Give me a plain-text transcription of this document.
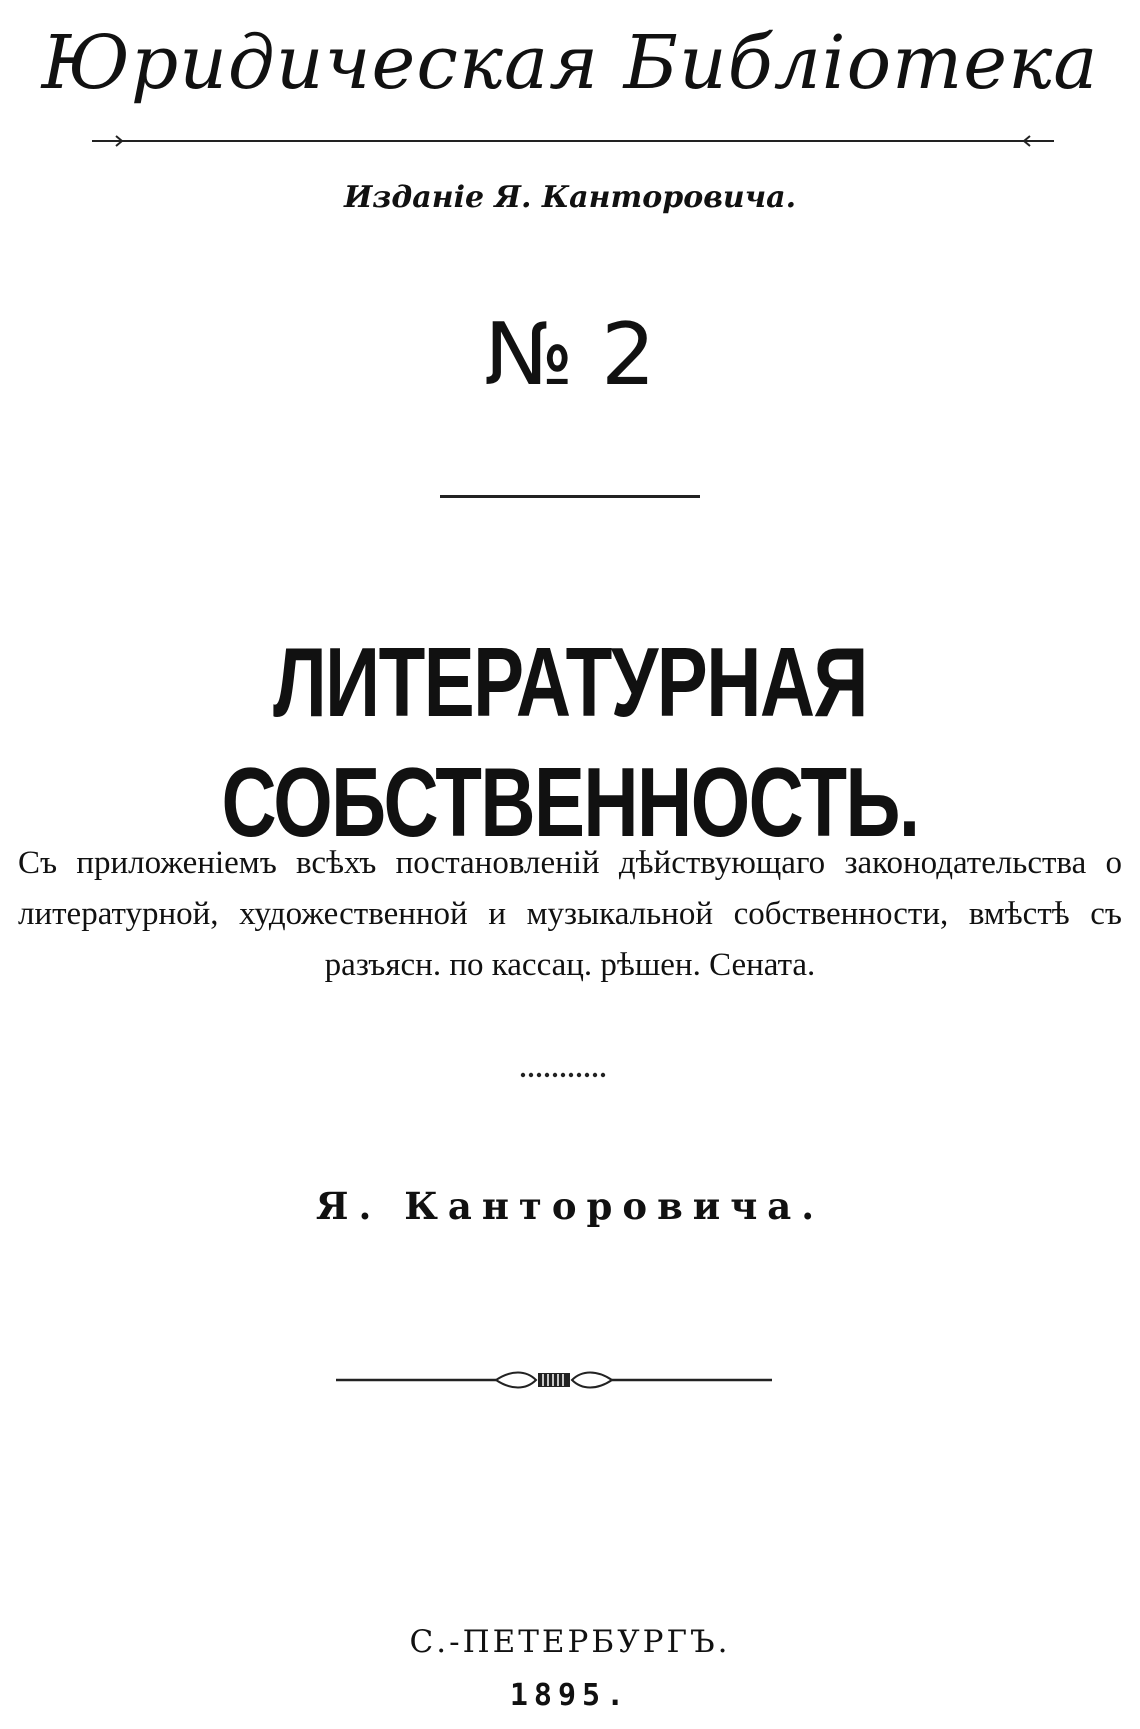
Юридическая Библіотека
Изданіе Я. Канторовича.
№ 2
ЛИТЕРАТУРНАЯ СОБСТВЕННОСТЬ.
Съ приложеніемъ всѣхъ постановленій дѣйствующаго законодательства о литературной, художественной и музыкальной собственности, вмѣстѣ съ разъясн. по кассац. рѣшен. Сената.
Я. Канторовича.
С.-ПЕТЕРБУРГЪ.
1895.
